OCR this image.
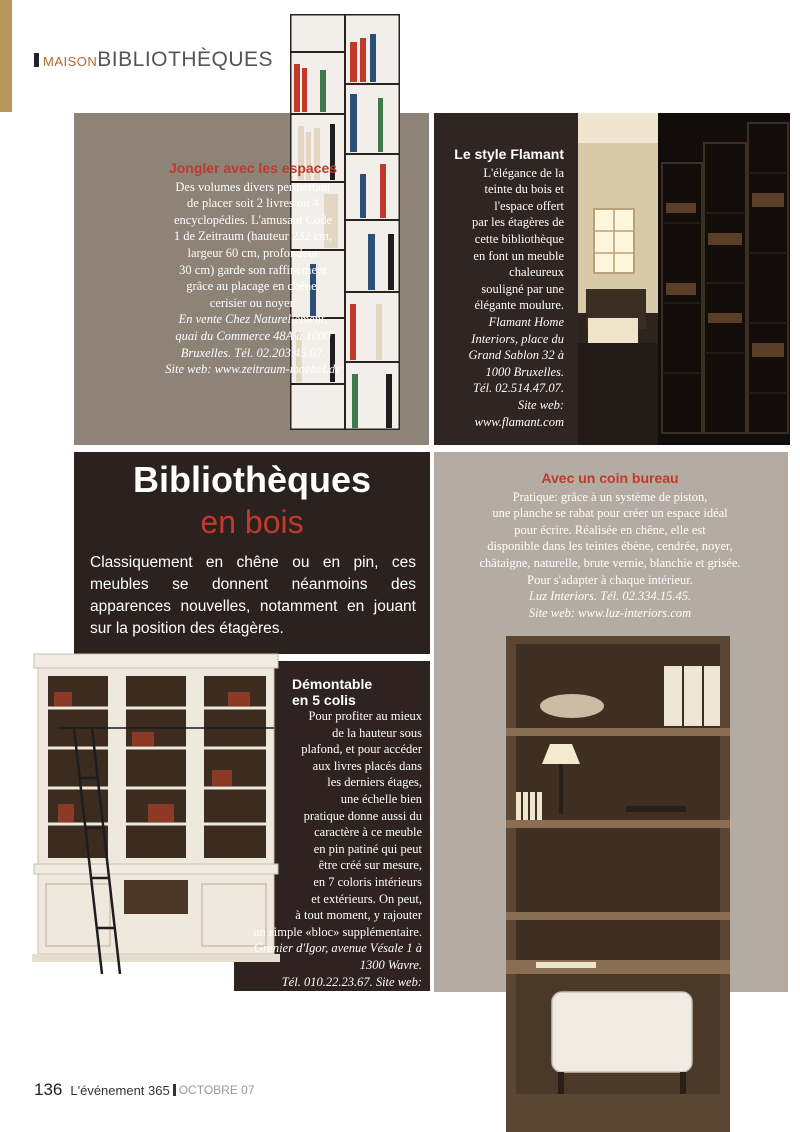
MAISON BIBLIOTHÈQUES
Jongler avec les espaces
Des volumes divers permettant
de placer soit 2 livres ou 4
encyclopédies. L'amusant Code
1 de Zeitraum (hauteur 232 cm,
largeur 60 cm, profondeur
30 cm) garde son raffinement
grâce au placage en chêne,
cerisier ou noyer.
En vente Chez Naturellement,
quai du Commerce 48A à 1000
Bruxelles. Tél. 02.203.45.07.
Site web: www.zeitraum-moebel.de
Le style Flamant
L'élégance de la
teinte du bois et
l'espace offert
par les étagères de
cette bibliothèque
en font un meuble
chaleureux
souligné par une
élégante moulure.
Flamant Home
Interiors, place du
Grand Sablon 32 à
1000 Bruxelles.
Tél. 02.514.47.07.
Site web:
www.flamant.com
Bibliothèques
en bois
Classiquement en chêne ou en pin, ces meubles se donnent néanmoins des apparences nouvelles, notamment en jouant sur la position des étagères.
Démontable
en 5 colis
Pour profiter au mieux
de la hauteur sous
plafond, et pour accéder
aux livres placés dans
les derniers étages,
une échelle bien
pratique donne aussi du
caractère à ce meuble
en pin patiné qui peut
être créé sur mesure,
en 7 coloris intérieurs
et extérieurs. On peut,
à tout moment, y rajouter
un simple «bloc» supplémentaire.
Grenier d'Igor, avenue Vésale 1 à 1300 Wavre.
Tél. 010.22.23.67. Site web: www.igor.be
Avec un coin bureau
Pratique: grâce à un système de piston,
une planche se rabat pour créer un espace idéal
pour écrire. Réalisée en chêne, elle est
disponible dans les teintes ébène, cendrée, noyer,
châtaigne, naturelle, brute vernie, blanchie et grisée.
Pour s'adapter à chaque intérieur.
Luz Interiors. Tél. 02.334.15.45.
Site web: www.luz-interiors.com
136 L'événement 365 OCTOBRE 07
